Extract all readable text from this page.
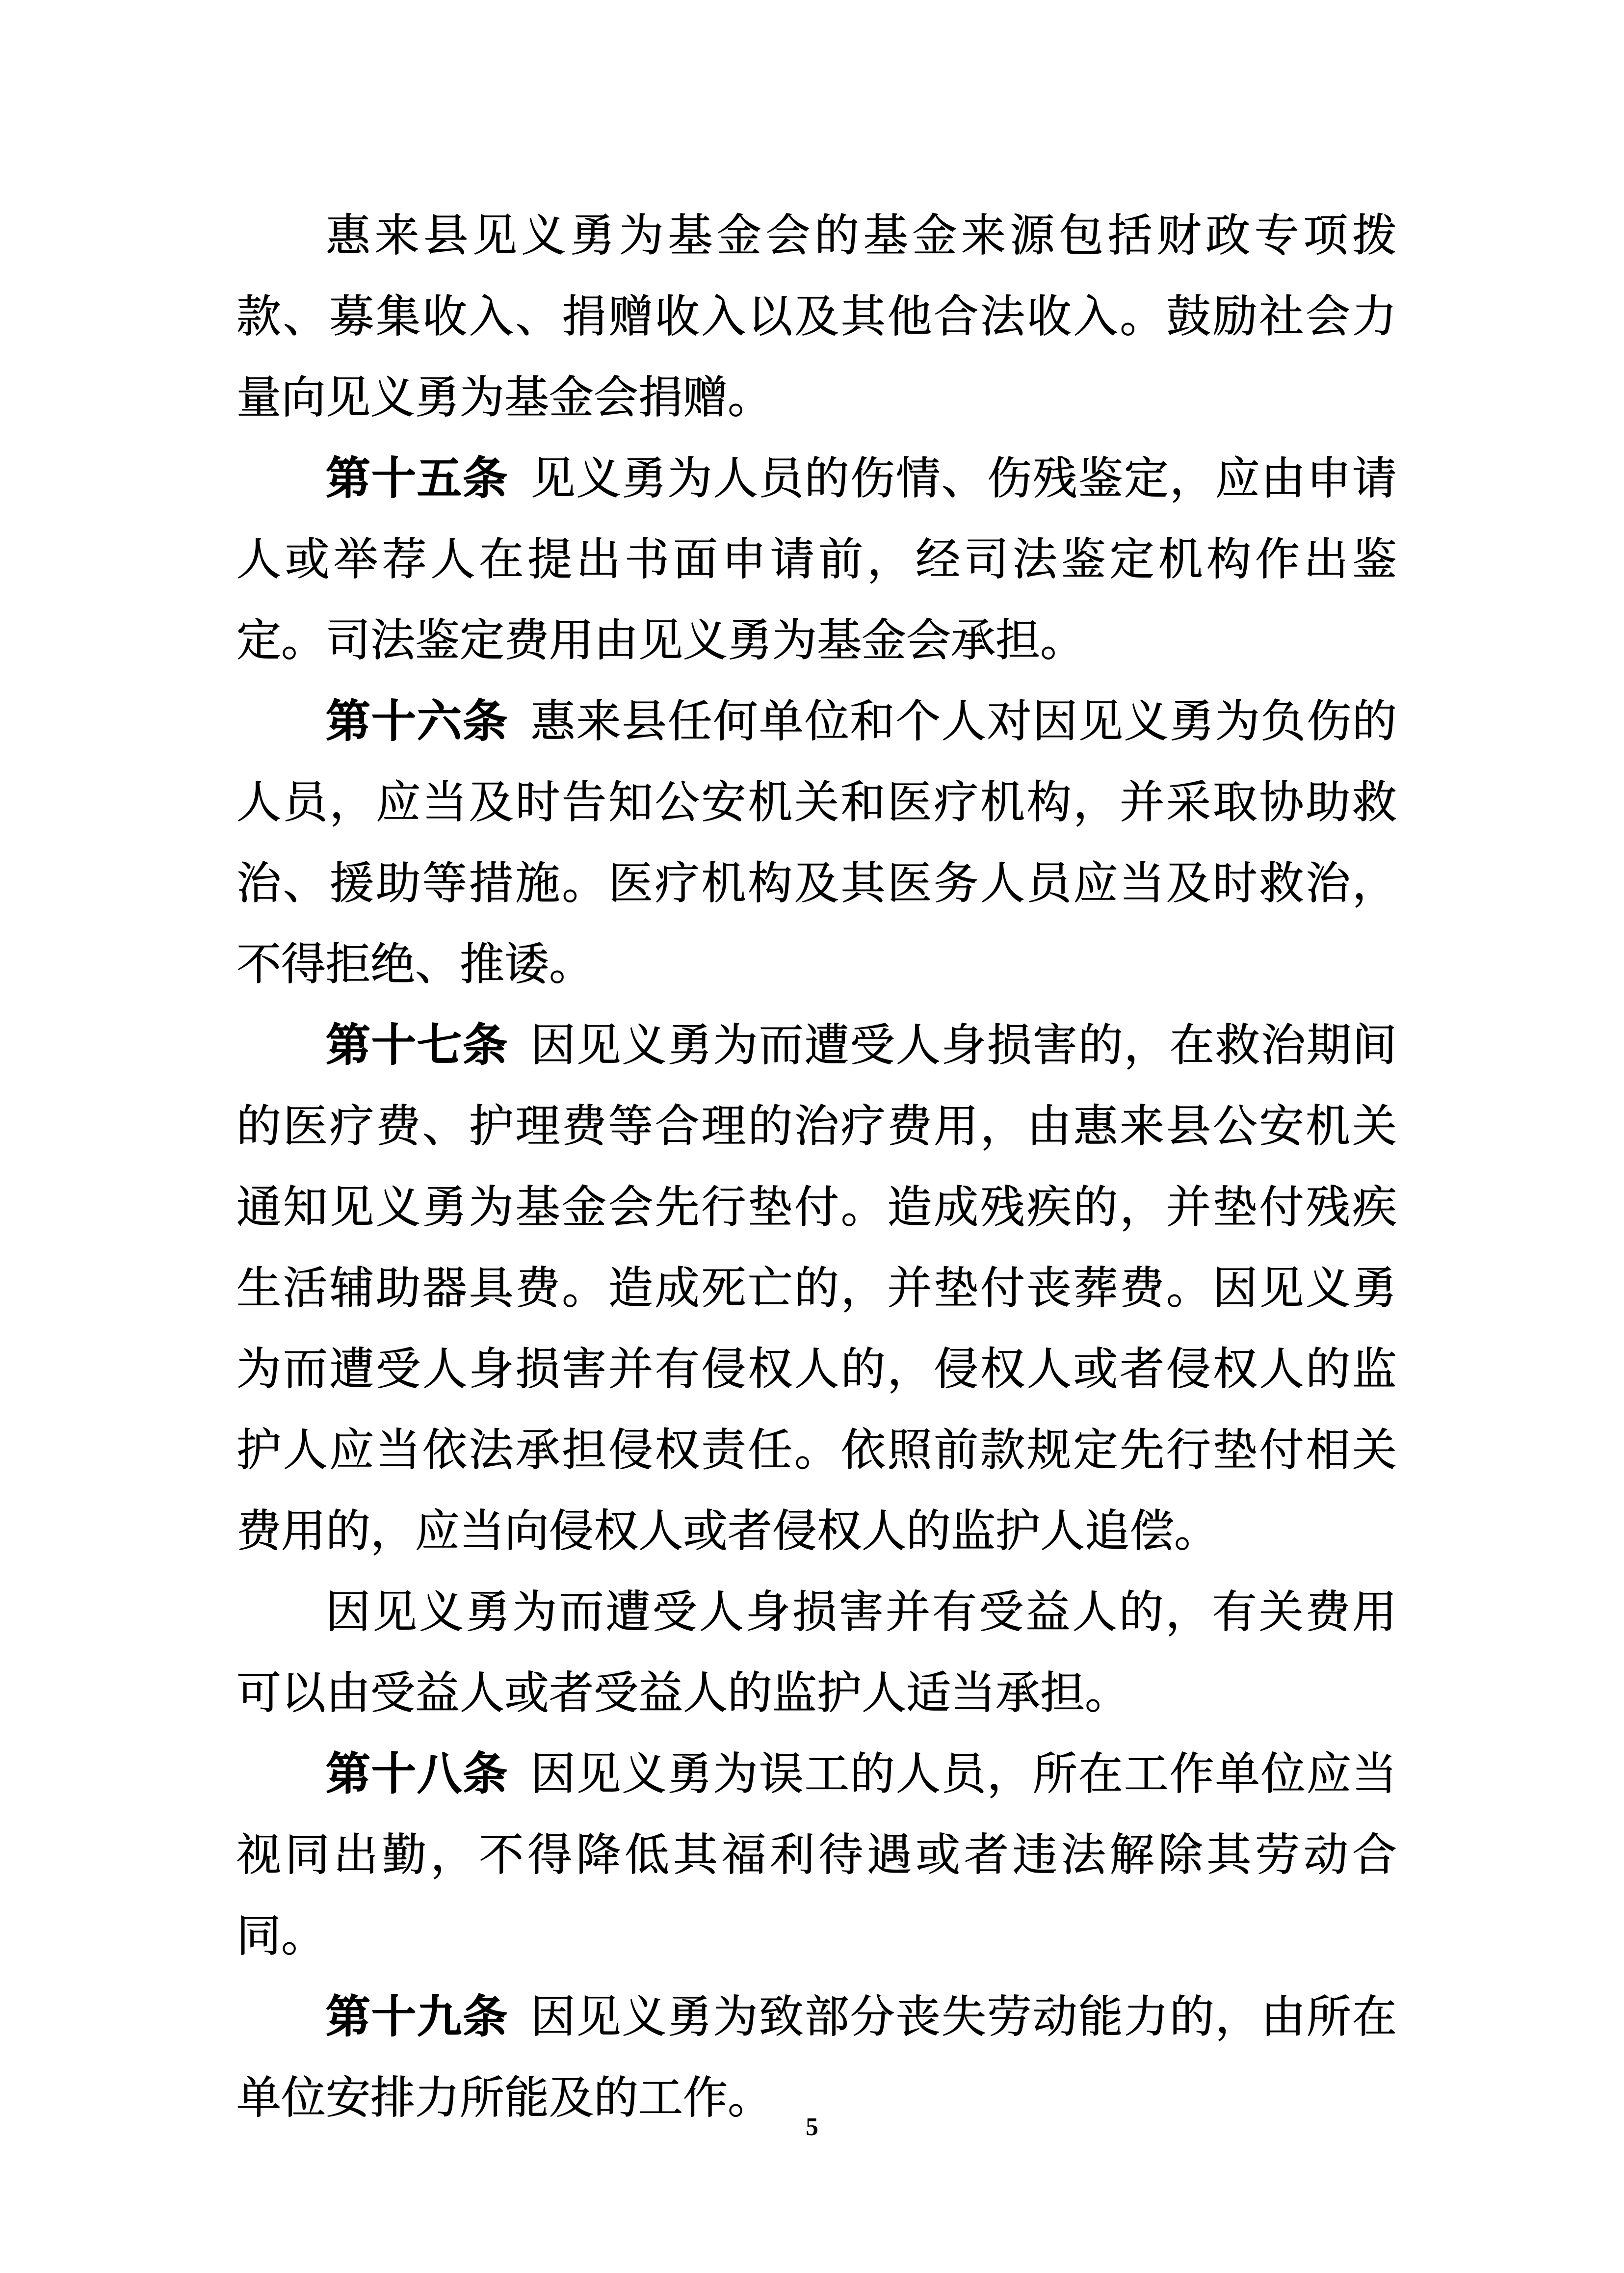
惠来县见义勇为基金会的基金来源包括财政专项拨款、募集收入、捐赠收入以及其他合法收入。鼓励社会力量向见义勇为基金会捐赠。

第十五条 见义勇为人员的伤情、伤残鉴定，应由申请人或举荐人在提出书面申请前，经司法鉴定机构作出鉴定。司法鉴定费用由见义勇为基金会承担。

第十六条 惠来县任何单位和个人对因见义勇为负伤的人员，应当及时告知公安机关和医疗机构，并采取协助救治、援助等措施。医疗机构及其医务人员应当及时救治，不得拒绝、推诿。

第十七条 因见义勇为而遭受人身损害的，在救治期间的医疗费、护理费等合理的治疗费用，由惠来县公安机关通知见义勇为基金会先行垫付。造成残疾的，并垫付残疾生活辅助器具费。造成死亡的，并垫付丧葬费。因见义勇为而遭受人身损害并有侵权人的，侵权人或者侵权人的监护人应当依法承担侵权责任。依照前款规定先行垫付相关费用的，应当向侵权人或者侵权人的监护人追偿。

因见义勇为而遭受人身损害并有受益人的，有关费用可以由受益人或者受益人的监护人适当承担。

第十八条 因见义勇为误工的人员，所在工作单位应当视同出勤，不得降低其福利待遇或者违法解除其劳动合同。

第十九条 因见义勇为致部分丧失劳动能力的，由所在单位安排力所能及的工作。

5
